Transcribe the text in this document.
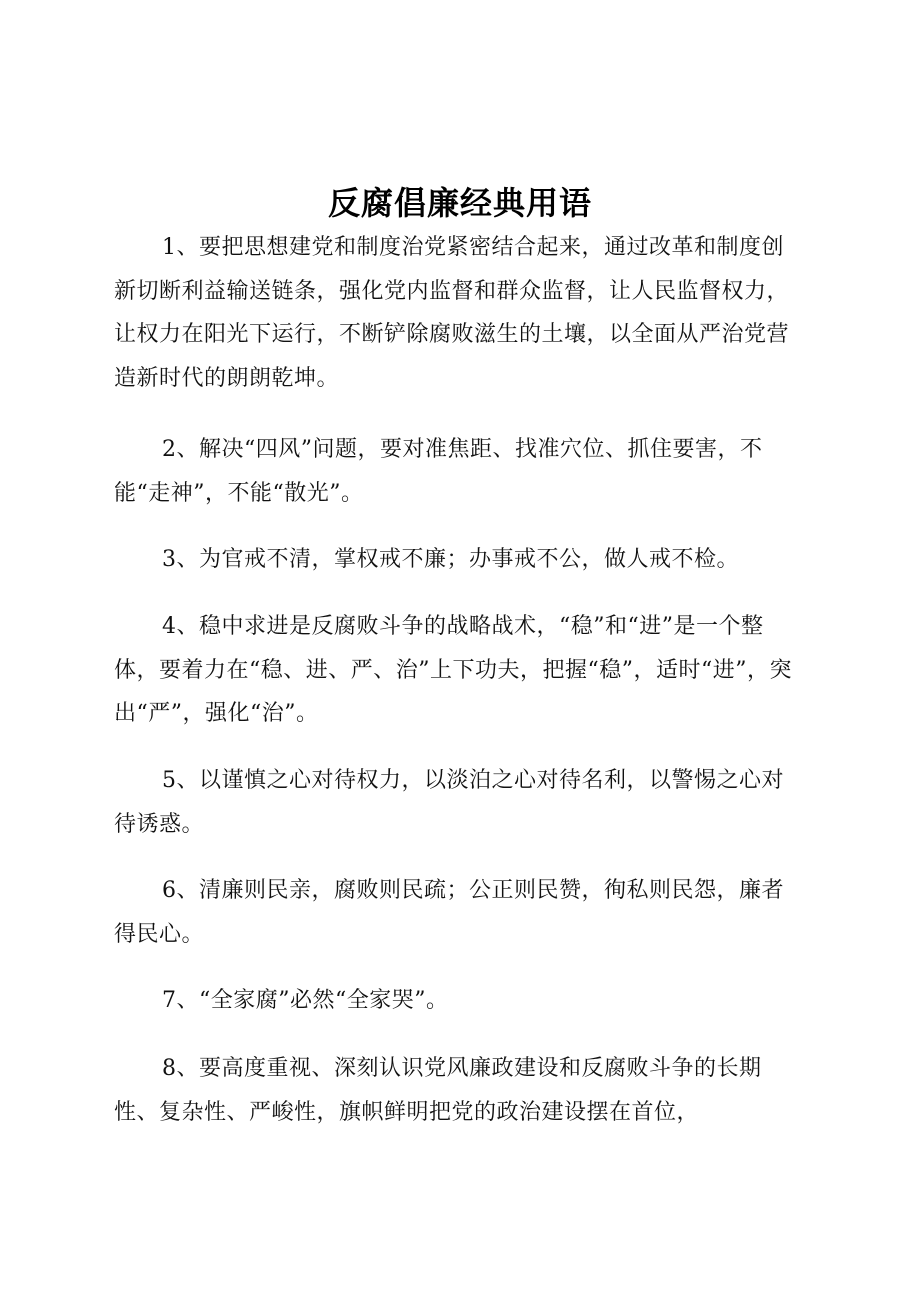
反腐倡廉经典用语

1、要把思想建党和制度治党紧密结合起来，通过改革和制度创新切断利益输送链条，强化党内监督和群众监督，让人民监督权力，让权力在阳光下运行，不断铲除腐败滋生的土壤，以全面从严治党营造新时代的朗朗乾坤。

2、解决“四风”问题，要对准焦距、找准穴位、抓住要害，不能“走神”，不能“散光”。

3、为官戒不清，掌权戒不廉；办事戒不公，做人戒不检。

4、稳中求进是反腐败斗争的战略战术，“稳”和“进”是一个整体，要着力在“稳、进、严、治”上下功夫，把握“稳”，适时“进”，突出“严”，强化“治”。

5、以谨慎之心对待权力，以淡泊之心对待名利，以警惕之心对待诱惑。

6、清廉则民亲，腐败则民疏；公正则民赞，徇私则民怨，廉者得民心。

7、“全家腐”必然“全家哭”。

8、要高度重视、深刻认识党风廉政建设和反腐败斗争的长期性、复杂性、严峻性，旗帜鲜明把党的政治建设摆在首位，
